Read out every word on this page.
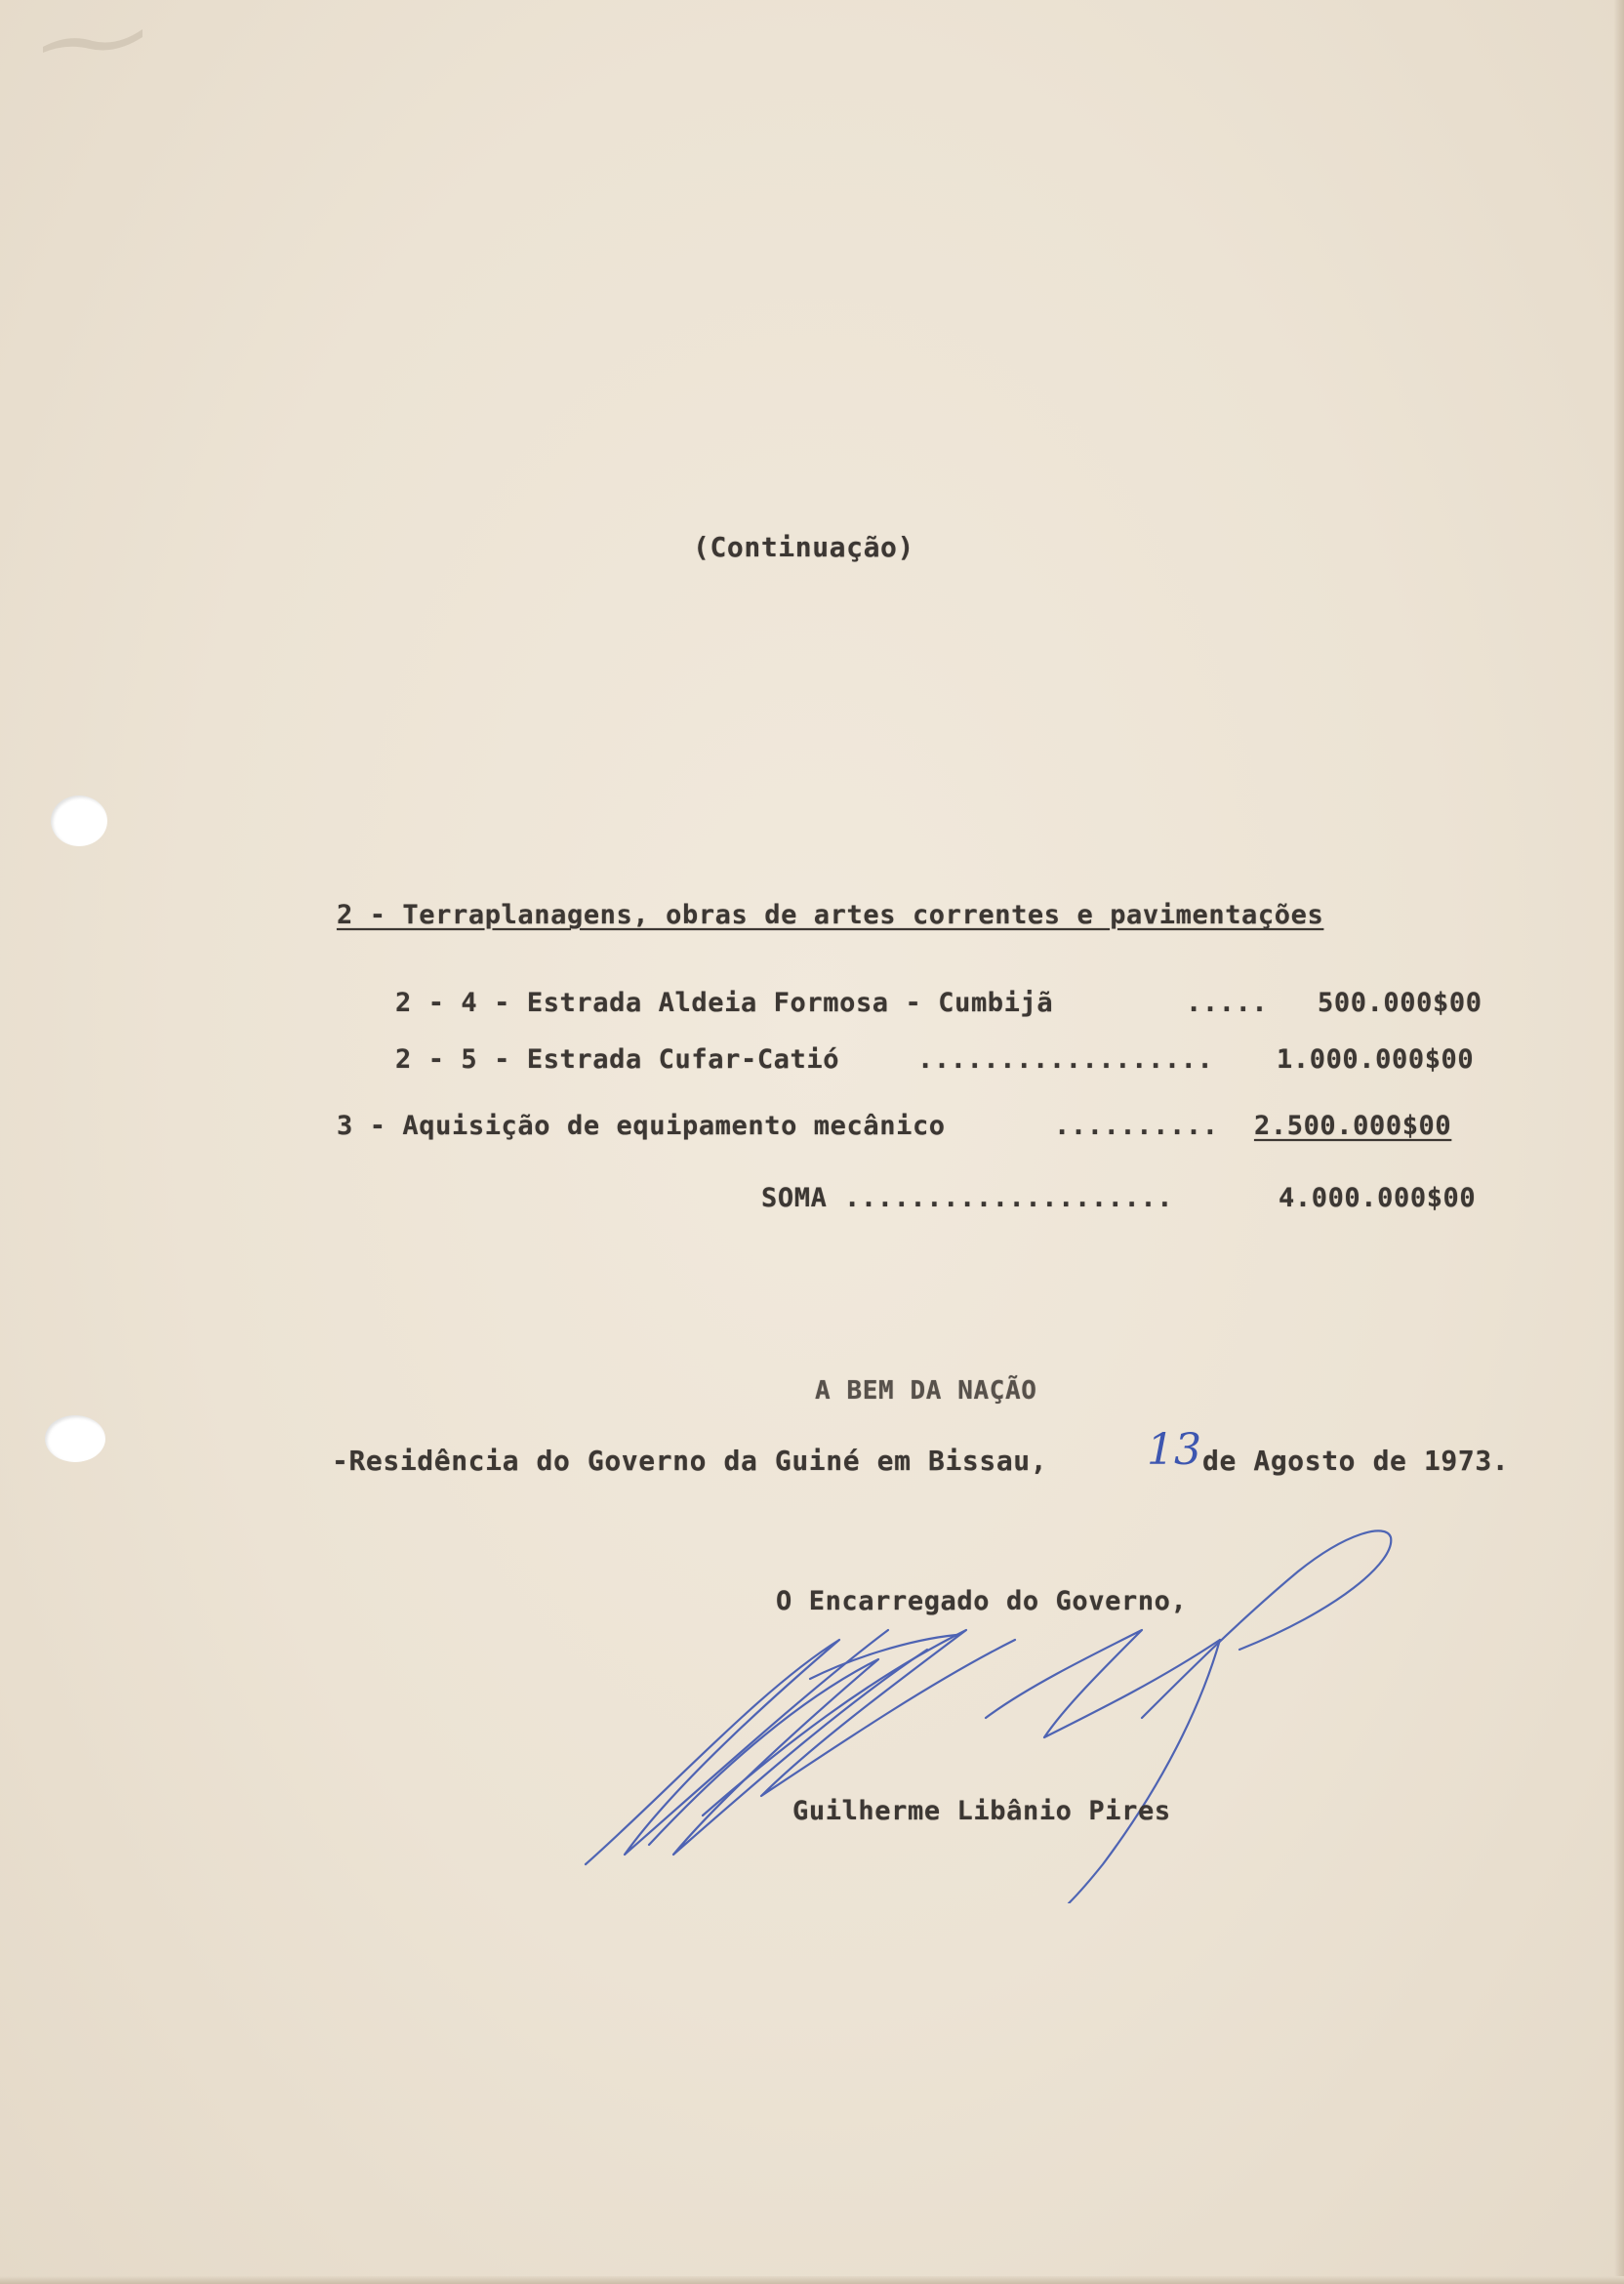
(Continuação)

2 - Terraplanagens, obras de artes correntes e pavimentações

2 - 4 - Estrada Aldeia Formosa - Cumbijã	..... 500.000$00

2 - 5 - Estrada Cufar-Catió	.................. 1.000.000$00

3 - Aquisição de equipamento mecânico	.......... 2.500.000$00

SOMA ....................	4.000.000$00

A BEM DA NAÇÃO

-Residência do Governo da Guiné em Bissau, 13 de Agosto de 1973.

O Encarregado do Governo,

Guilherme Libânio Pires
